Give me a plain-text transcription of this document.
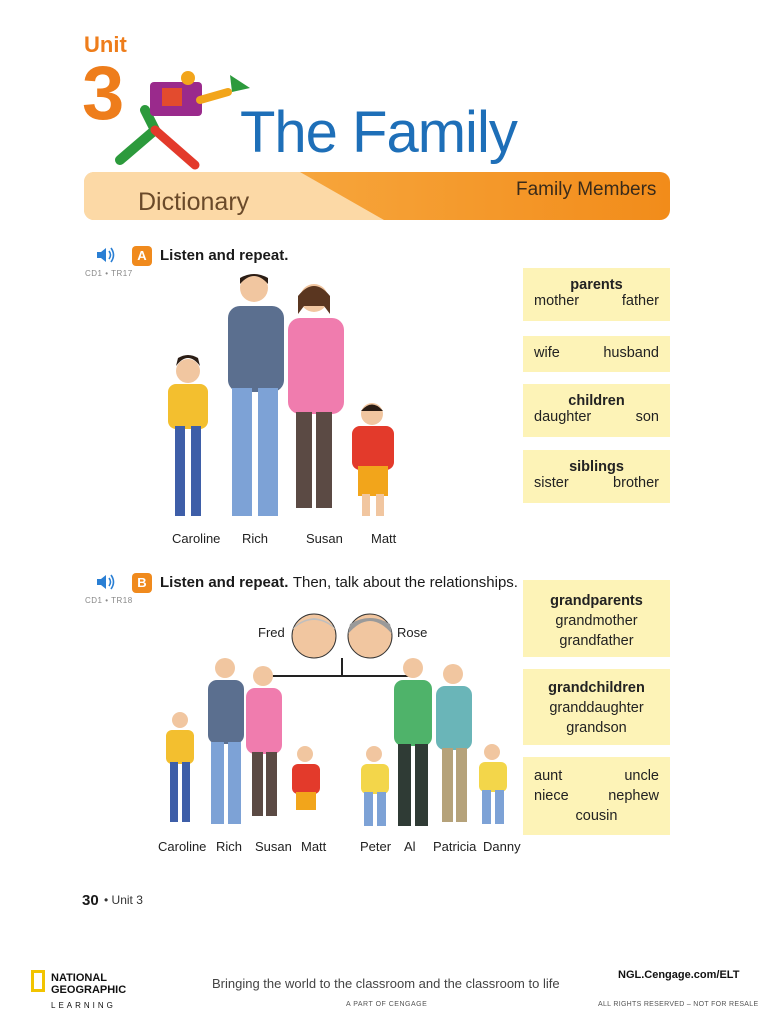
Unit
3 The Family
Dictionary	Family Members
A Listen and repeat.
CD1 • TR17
Caroline Rich	Susan Matt
parents
mother	father
wife	husband
children
daughter	son
siblings
sister	brother
B Listen and repeat. Then, talk about the relationships.
CD1 • TR18
Fred	Rose
Caroline Rich Susan Matt	Peter Al Patricia Danny
grandparents
grandmother
grandfather
grandchildren
granddaughter
grandson
aunt	uncle
niece	nephew
cousin
30 • Unit 3
NATIONAL
GEOGRAPHIC
LEARNING
Bringing the world to the classroom and the classroom to life
A PART OF CENGAGE
NGL.Cengage.com/ELT
ALL RIGHTS RESERVED – NOT FOR RESALE
